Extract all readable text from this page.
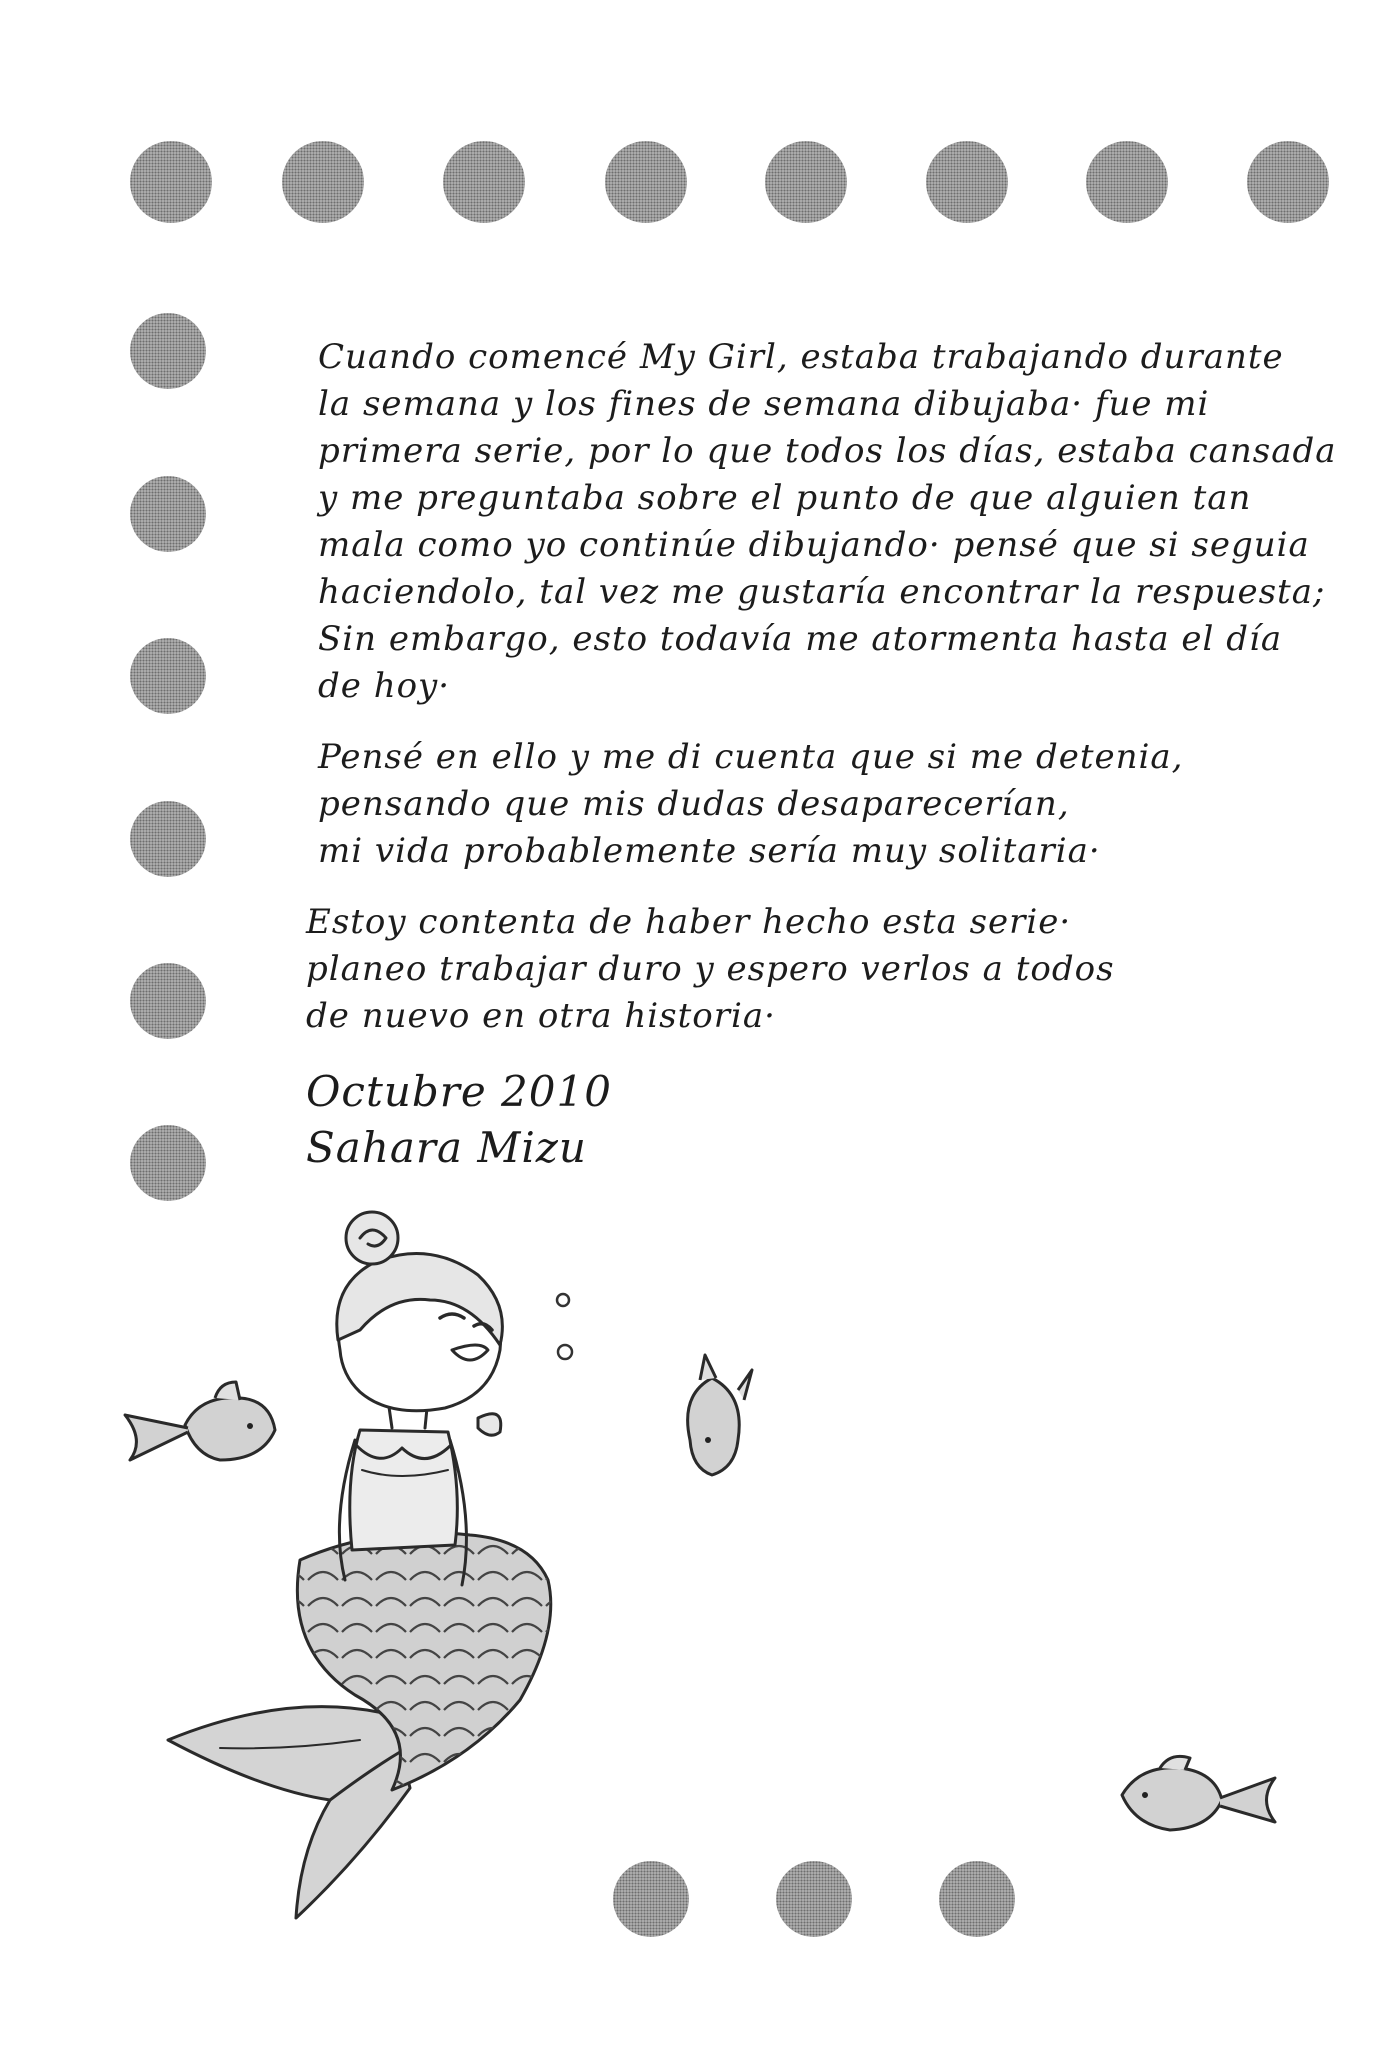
Cuando comencé My Girl, estaba trabajando durante
la semana y los fines de semana dibujaba· fue mi
primera serie, por lo que todos los días, estaba cansada
y me preguntaba sobre el punto de que alguien tan
mala como yo continúe dibujando· pensé que si seguia
haciendolo, tal vez me gustaría encontrar la respuesta;
Sin embargo, esto todavía me atormenta hasta el día
de hoy·

Pensé en ello y me di cuenta que si me detenia,
pensando que mis dudas desaparecerían,
mi vida probablemente sería muy solitaria·

Estoy contenta de haber hecho esta serie·
planeo trabajar duro y espero verlos a todos
de nuevo en otra historia·

Octubre 2010
Sahara Mizu
